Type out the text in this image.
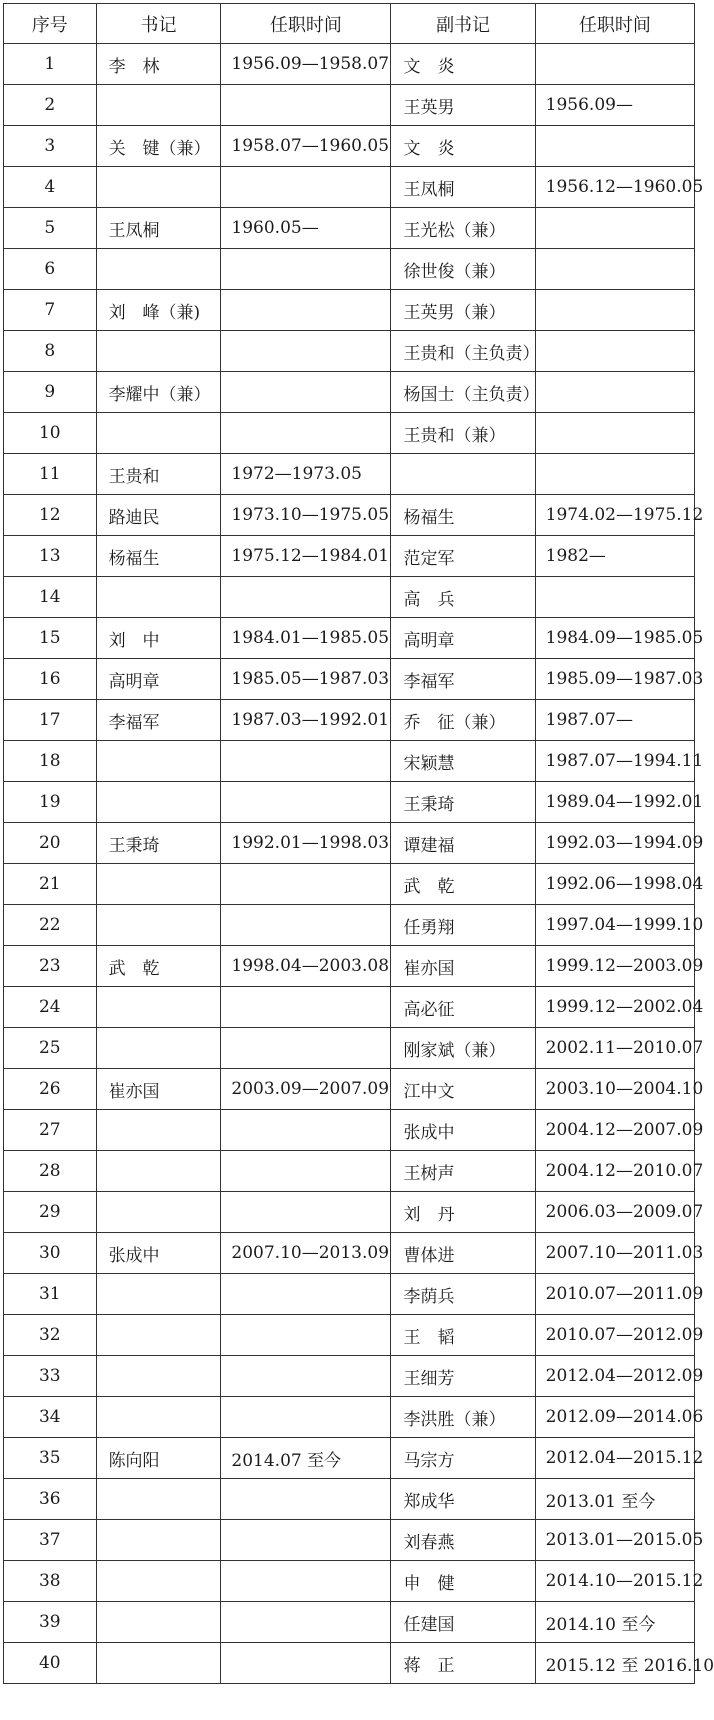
序号	书记	任职时间	副书记	任职时间
1	李　林	1956.09—1958.07	文　炎	
2			王英男	1956.09—
3	关　键（兼）	1958.07—1960.05	文　炎	
4			王凤桐	1956.12—1960.05
5	王凤桐	1960.05—	王光松（兼）	
6			徐世俊（兼）	
7	刘　峰（兼)		王英男（兼）	
8			王贵和（主负责）	
9	李耀中（兼）		杨国士（主负责）	
10			王贵和（兼）	
11	王贵和	1972—1973.05		
12	路迪民	1973.10—1975.05	杨福生	1974.02—1975.12
13	杨福生	1975.12—1984.01	范定军	1982—
14			高　兵	
15	刘　中	1984.01—1985.05	高明章	1984.09—1985.05
16	高明章	1985.05—1987.03	李福军	1985.09—1987.03
17	李福军	1987.03—1992.01	乔　征（兼）	1987.07—
18			宋颖慧	1987.07—1994.11
19			王秉琦	1989.04—1992.01
20	王秉琦	1992.01—1998.03	谭建福	1992.03—1994.09
21			武　乾	1992.06—1998.04
22			任勇翔	1997.04—1999.10
23	武　乾	1998.04—2003.08	崔亦国	1999.12—2003.09
24			高必征	1999.12—2002.04
25			刚家斌（兼）	2002.11—2010.07
26	崔亦国	2003.09—2007.09	江中文	2003.10—2004.10
27			张成中	2004.12—2007.09
28			王树声	2004.12—2010.07
29			刘　丹	2006.03—2009.07
30	张成中	2007.10—2013.09	曹体进	2007.10—2011.03
31			李荫兵	2010.07—2011.09
32			王　韬	2010.07—2012.09
33			王细芳	2012.04—2012.09
34			李洪胜（兼）	2012.09—2014.06
35	陈向阳	2014.07 至今	马宗方	2012.04—2015.12
36			郑成华	2013.01 至今
37			刘春燕	2013.01—2015.05
38			申　健	2014.10—2015.12
39			任建国	2014.10 至今
40			蒋　正	2015.12 至 2016.10
